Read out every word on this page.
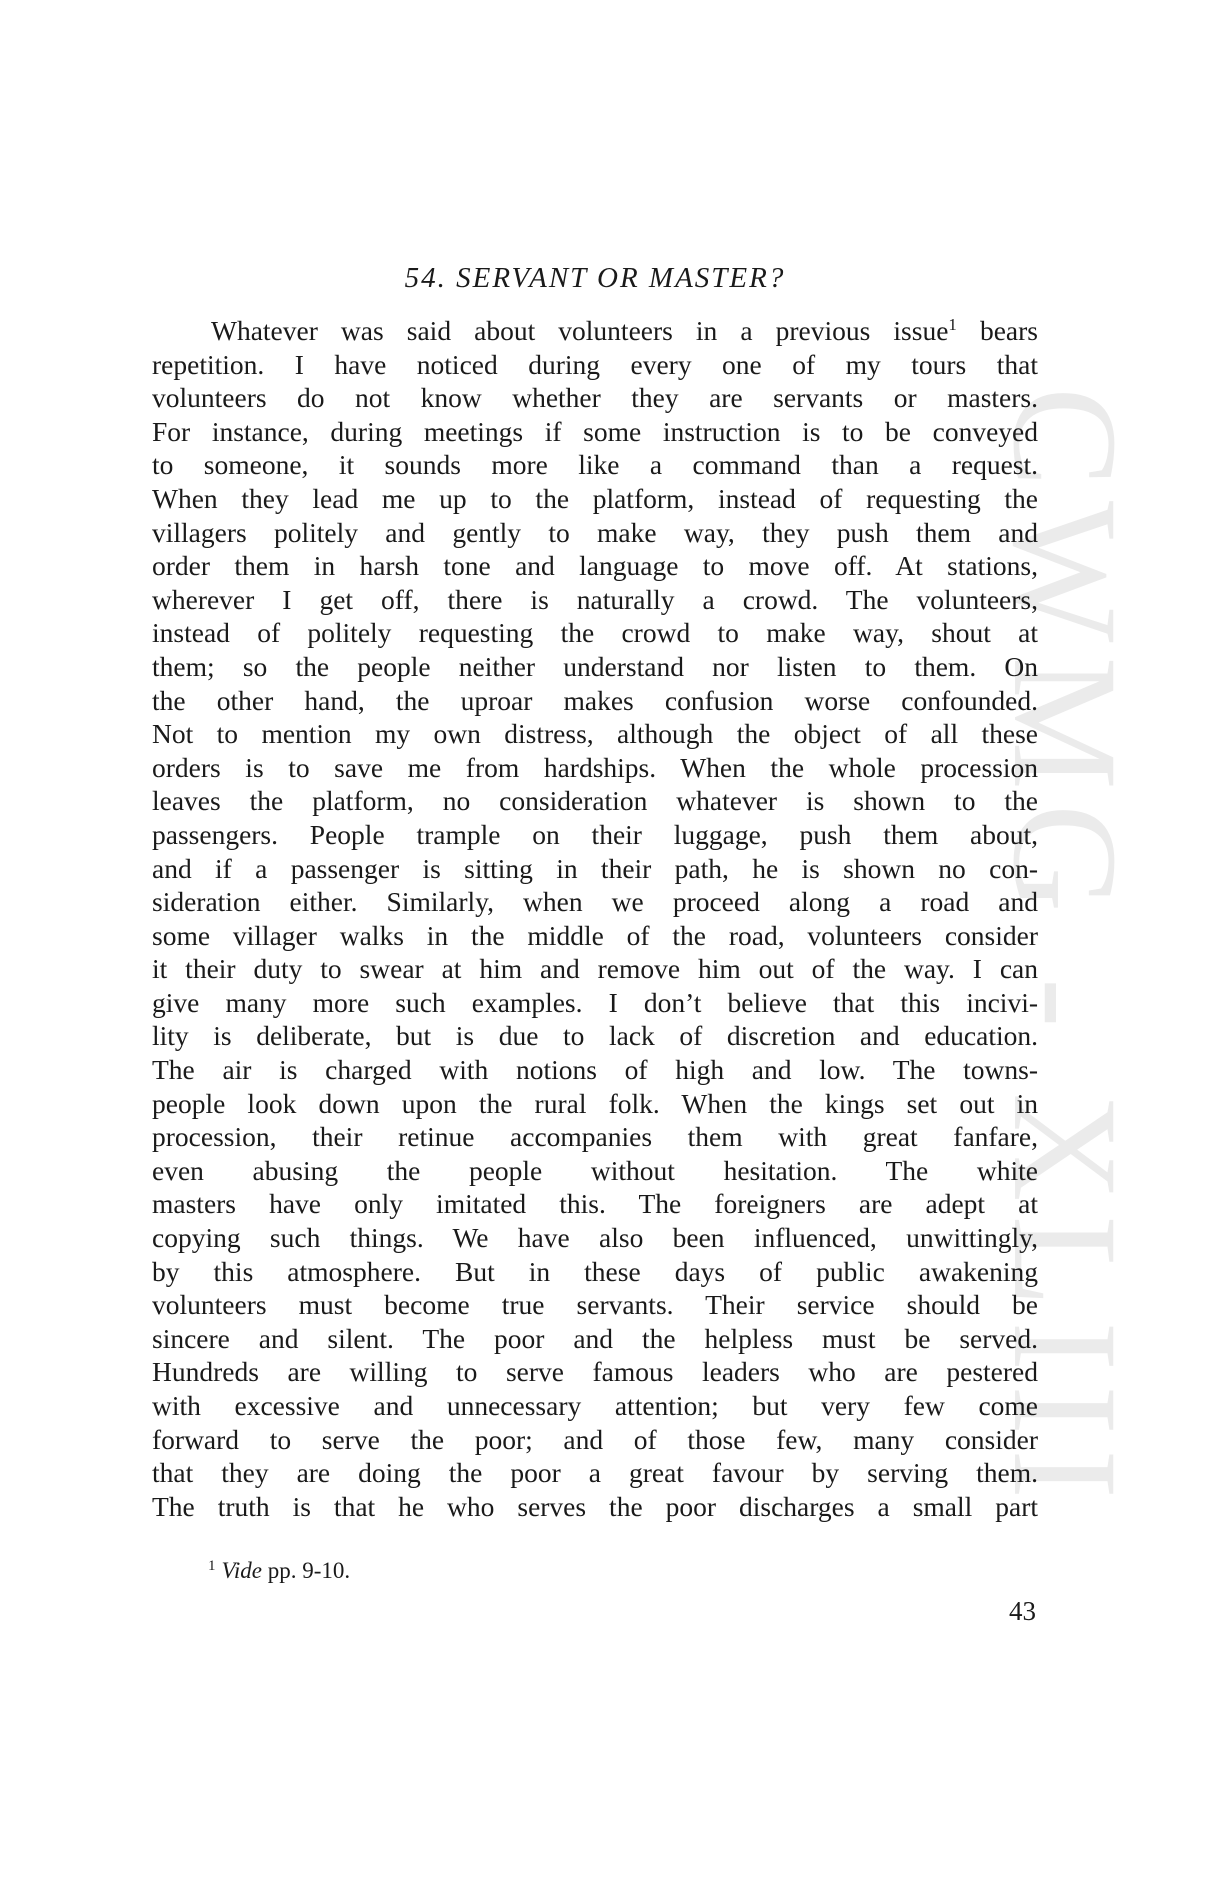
CWMG - XLIII
54. SERVANT OR MASTER?
Whatever was said about volunteers in a previous issue$^1$ bears
repetition. I have noticed during every one of my tours that
volunteers do not know whether they are servants or masters.
For instance, during meetings if some instruction is to be conveyed
to someone, it sounds more like a command than a request.
When they lead me up to the platform, instead of requesting the
villagers politely and gently to make way, they push them and
order them in harsh tone and language to move off. At stations,
wherever I get off, there is naturally a crowd. The volunteers,
instead of politely requesting the crowd to make way, shout at
them; so the people neither understand nor listen to them. On
the other hand, the uproar makes confusion worse confounded.
Not to mention my own distress, although the object of all these
orders is to save me from hardships. When the whole procession
leaves the platform, no consideration whatever is shown to the
passengers. People trample on their luggage, push them about,
and if a passenger is sitting in their path, he is shown no con-
sideration either. Similarly, when we proceed along a road and
some villager walks in the middle of the road, volunteers consider
it their duty to swear at him and remove him out of the way. I can
give many more such examples. I don’t believe that this incivi-
lity is deliberate, but is due to lack of discretion and education.
The air is charged with notions of high and low. The towns-
people look down upon the rural folk. When the kings set out in
procession, their retinue accompanies them with great fanfare,
even abusing the people without hesitation. The white
masters have only imitated this. The foreigners are adept at
copying such things. We have also been influenced, unwittingly,
by this atmosphere. But in these days of public awakening
volunteers must become true servants. Their service should be
sincere and silent. The poor and the helpless must be served.
Hundreds are willing to serve famous leaders who are pestered
with excessive and unnecessary attention; but very few come
forward to serve the poor; and of those few, many consider
that they are doing the poor a great favour by serving them.
The truth is that he who serves the poor discharges a small part

$^1$ Vide pp. 9-10.

43
